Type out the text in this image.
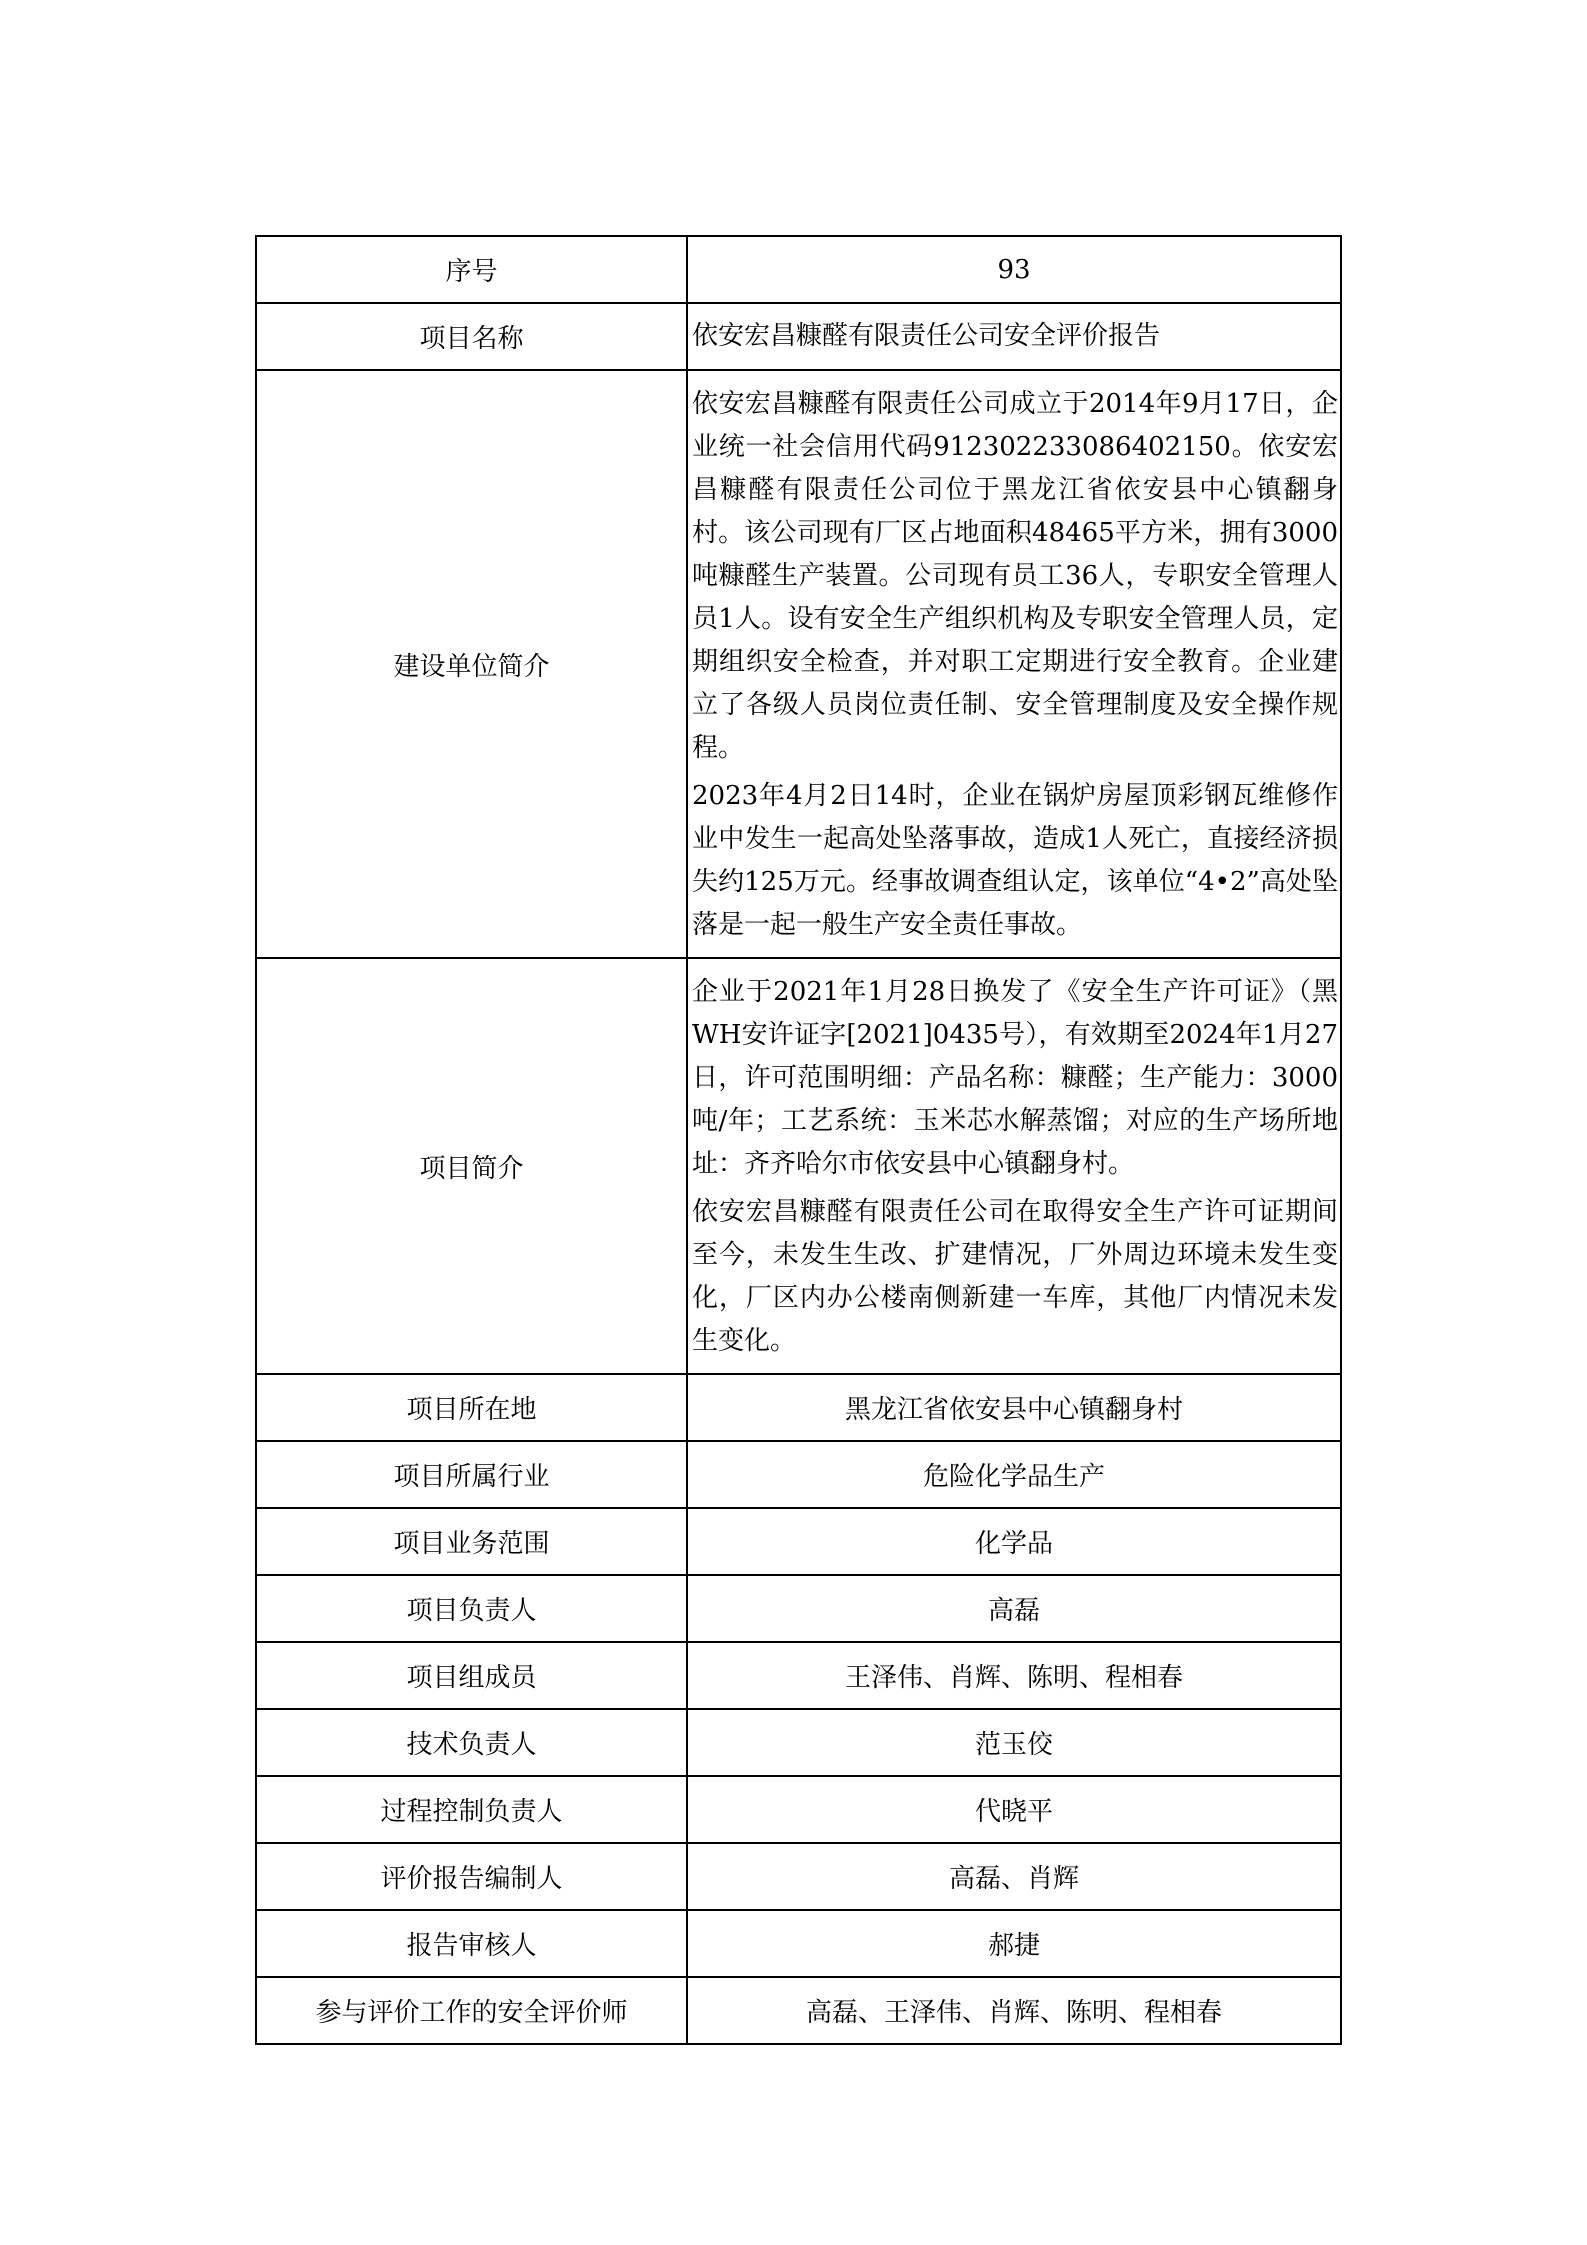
序号	93
项目名称	依安宏昌糠醛有限责任公司安全评价报告
建设单位简介	依安宏昌糠醛有限责任公司成立于2014年9月17日，企业统一社会信用代码912302233086402150。依安宏昌糠醛有限责任公司位于黑龙江省依安县中心镇翻身村。该公司现有厂区占地面积48465平方米，拥有3000吨糠醛生产装置。公司现有员工36人，专职安全管理人员1人。设有安全生产组织机构及专职安全管理人员，定期组织安全检查，并对职工定期进行安全教育。企业建立了各级人员岗位责任制、安全管理制度及安全操作规程。

2023年4月2日14时，企业在锅炉房屋顶彩钢瓦维修作业中发生一起高处坠落事故，造成1人死亡，直接经济损失约125万元。经事故调查组认定，该单位“4•2”高处坠落是一起一般生产安全责任事故。

项目简介	企业于2021年1月28日换发了《安全生产许可证》（黑WH安许证字[2021]0435号），有效期至2024年1月27日，许可范围明细：产品名称：糠醛；生产能力：3000吨/年；工艺系统：玉米芯水解蒸馏；对应的生产场所地址：齐齐哈尔市依安县中心镇翻身村。

依安宏昌糠醛有限责任公司在取得安全生产许可证期间至今，未发生生改、扩建情况，厂外周边环境未发生变化，厂区内办公楼南侧新建一车库，其他厂内情况未发生变化。

项目所在地	黑龙江省依安县中心镇翻身村
项目所属行业	危险化学品生产
项目业务范围	化学品
项目负责人	高磊
项目组成员	王泽伟、肖辉、陈明、程相春
技术负责人	范玉佼
过程控制负责人	代晓平
评价报告编制人	高磊、肖辉
报告审核人	郝捷
参与评价工作的安全评价师	高磊、王泽伟、肖辉、陈明、程相春
